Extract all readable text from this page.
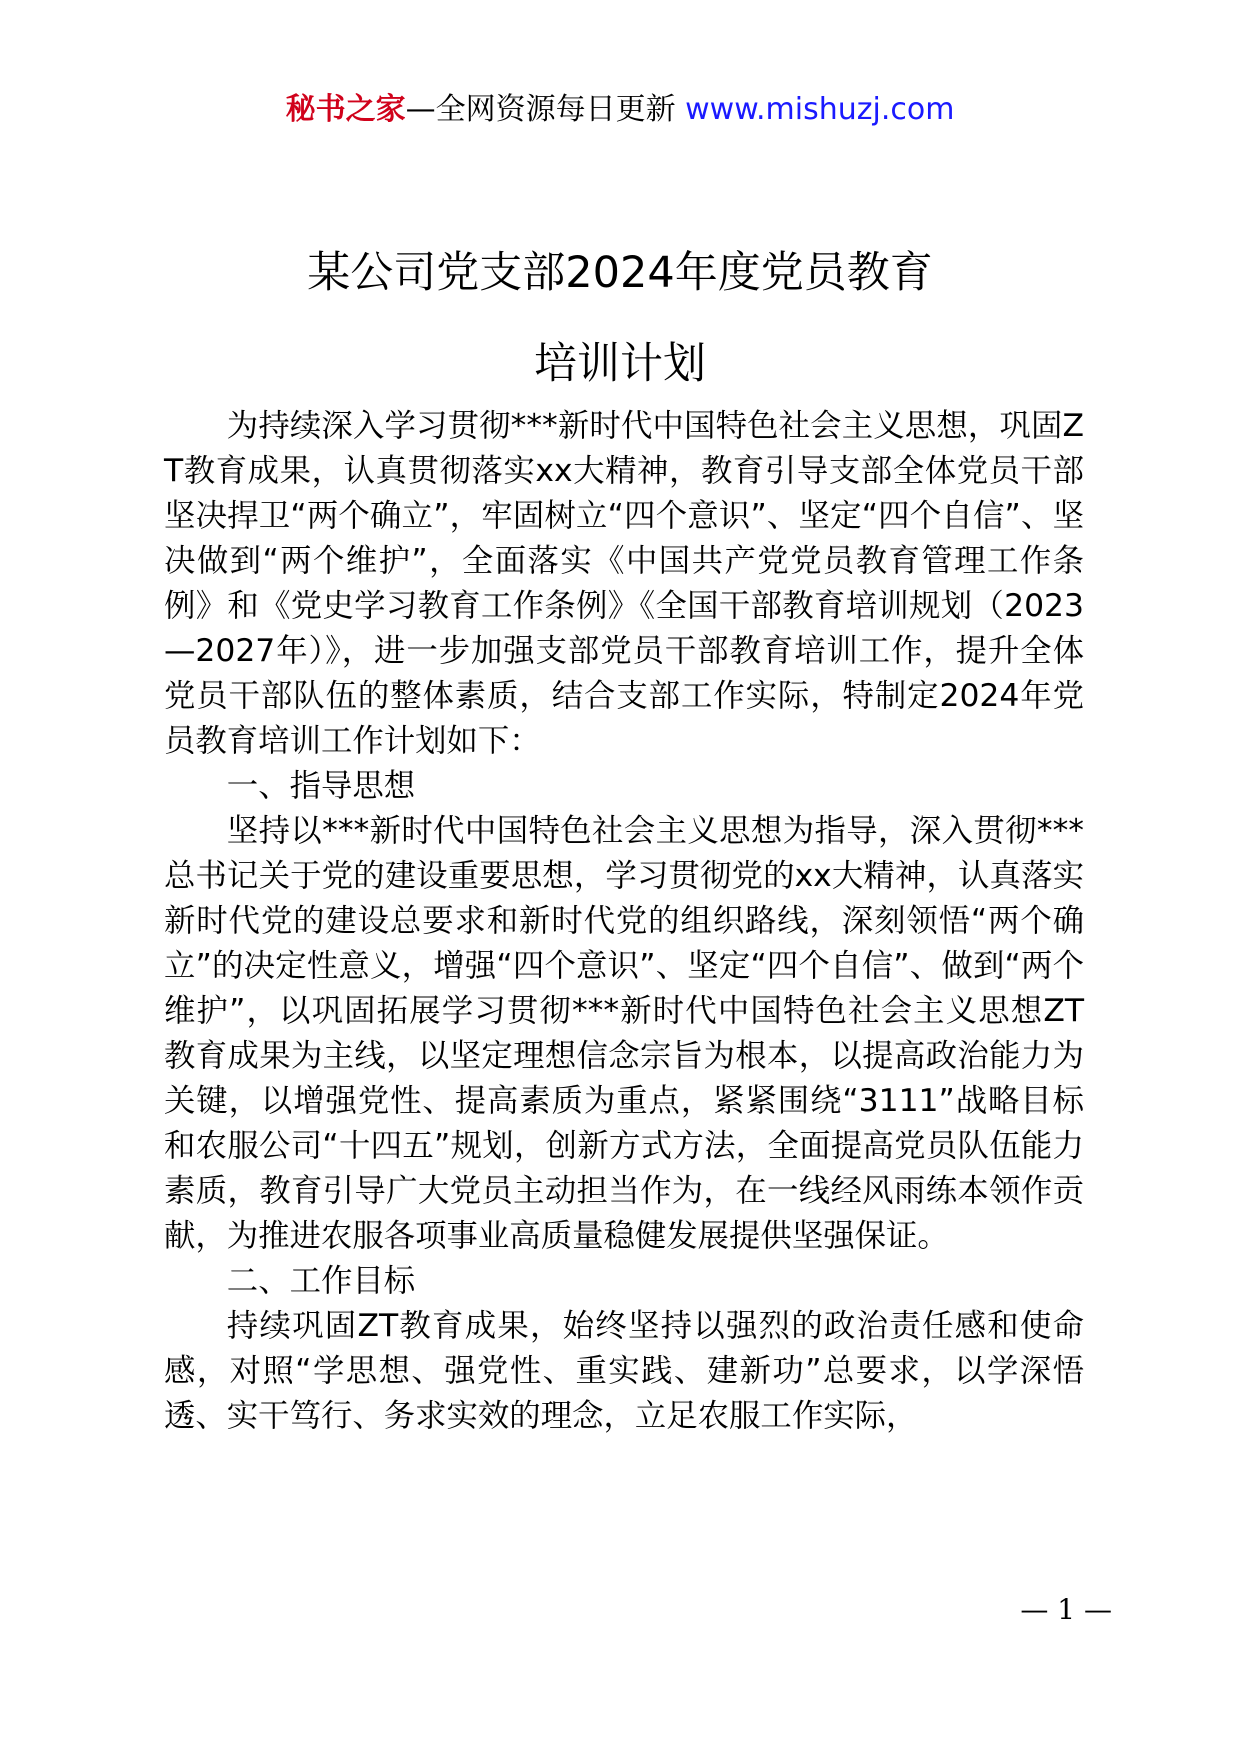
秘书之家—全网资源每日更新 www.mishuzj.com
某公司党支部2024年度党员教育
培训计划

为持续深入学习贯彻***新时代中国特色社会主义思想，巩固ZT教育成果，认真贯彻落实xx大精神，教育引导支部全体党员干部坚决捍卫“两个确立”，牢固树立“四个意识”、坚定“四个自信”、坚决做到“两个维护”，全面落实《中国共产党党员教育管理工作条例》和《党史学习教育工作条例》《全国干部教育培训规划（2023—2027年）》，进一步加强支部党员干部教育培训工作，提升全体党员干部队伍的整体素质，结合支部工作实际，特制定2024年党员教育培训工作计划如下：

一、指导思想

坚持以***新时代中国特色社会主义思想为指导，深入贯彻***总书记关于党的建设重要思想，学习贯彻党的xx大精神，认真落实新时代党的建设总要求和新时代党的组织路线，深刻领悟“两个确立”的决定性意义，增强“四个意识”、坚定“四个自信”、做到“两个维护”，以巩固拓展学习贯彻***新时代中国特色社会主义思想ZT教育成果为主线，以坚定理想信念宗旨为根本，以提高政治能力为关键，以增强党性、提高素质为重点，紧紧围绕“3111”战略目标和农服公司“十四五”规划，创新方式方法，全面提高党员队伍能力素质，教育引导广大党员主动担当作为，在一线经风雨练本领作贡献，为推进农服各项事业高质量稳健发展提供坚强保证。

二、工作目标

持续巩固ZT教育成果，始终坚持以强烈的政治责任感和使命感，对照“学思想、强党性、重实践、建新功”总要求，以学深悟透、实干笃行、务求实效的理念，立足农服工作实际，

— 1 —
